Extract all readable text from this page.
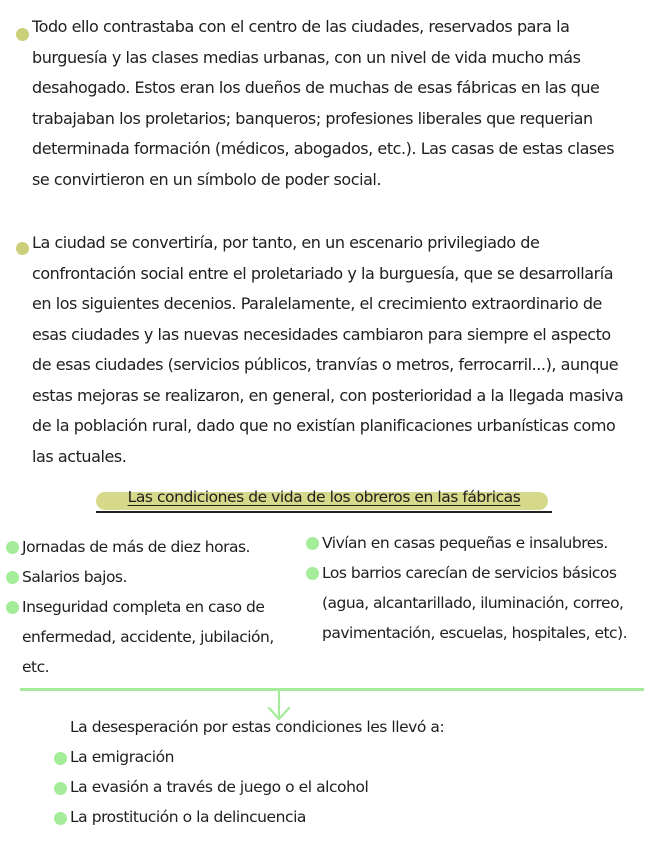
Todo ello contrastaba con el centro de las ciudades, reservados para la burguesía y las clases medias urbanas, con un nivel de vida mucho más desahogado. Estos eran los dueños de muchas de esas fábricas en las que trabajaban los proletarios; banqueros; profesiones liberales que requerian determinada formación (médicos, abogados, etc.). Las casas de estas clases se convirtieron en un símbolo de poder social.
La ciudad se convertiría, por tanto, en un escenario privilegiado de confrontación social entre el proletariado y la burguesía, que se desarrollaría en los siguientes decenios. Paralelamente, el crecimiento extraordinario de esas ciudades y las nuevas necesidades cambiaron para siempre el aspecto de esas ciudades (servicios públicos, tranvías o metros, ferrocarril...), aunque estas mejoras se realizaron, en general, con posterioridad a la llegada masiva de la población rural, dado que no existían planificaciones urbanísticas como las actuales.
Las condiciones de vida de los obreros en las fábricas
Jornadas de más de diez horas.
Salarios bajos.
Inseguridad completa en caso de enfermedad, accidente, jubilación, etc.
Vivían en casas pequeñas e insalubres.
Los barrios carecían de servicios básicos (agua, alcantarillado, iluminación, correo, pavimentación, escuelas, hospitales, etc).
La desesperación por estas condiciones les llevó a:
La emigración
La evasión a través de juego o el alcohol
La prostitución o la delincuencia
